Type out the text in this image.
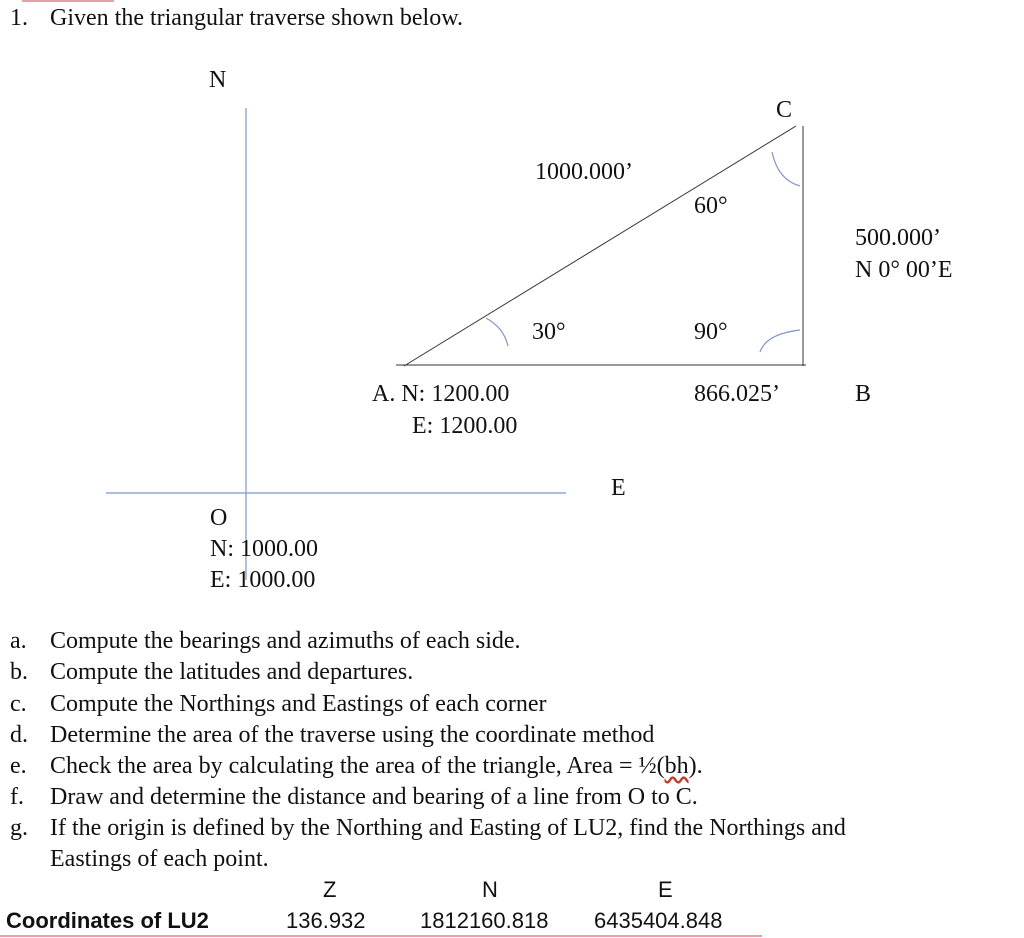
1. Given the triangular traverse shown below.
N
C
1000.000’
60°
500.000’
N 0° 00’E
30°	90°
A. N: 1200.00
E: 1200.00
866.025’	B
E
O
N: 1000.00
E: 1000.00
a. Compute the bearings and azimuths of each side.
b. Compute the latitudes and departures.
c. Compute the Northings and Eastings of each corner
d. Determine the area of the traverse using the coordinate method
e. Check the area by calculating the area of the triangle, Area = ½(bh).
f. Draw and determine the distance and bearing of a line from O to C.
g. If the origin is defined by the Northing and Easting of LU2, find the Northings and
Eastings of each point.
Z	N	E
Coordinates of LU2	136.932 1812160.818 6435404.848
